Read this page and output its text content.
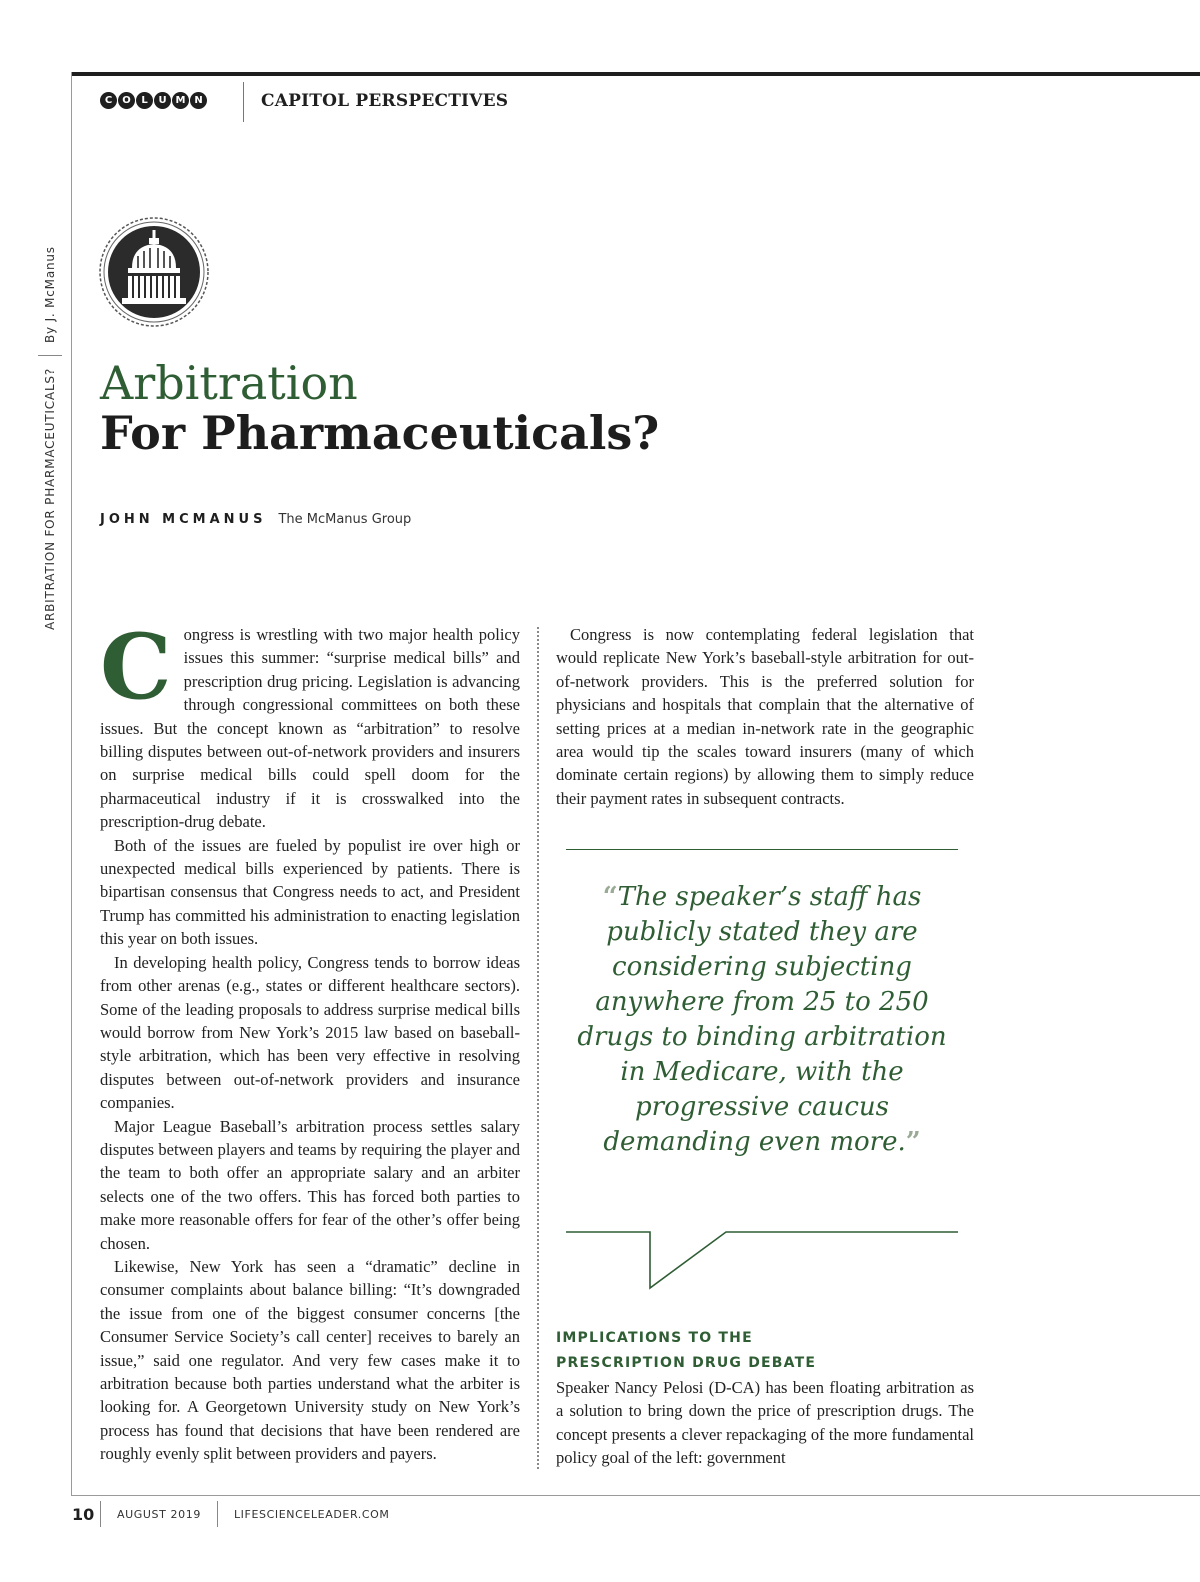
C	O	L	U M N	CAPITOL PERSPECTIVES
ARBITRATION FOR PHARMACEUTICALS?
By J. McManus
Arbitration
For Pharmaceuticals?
JOHN MCMANUS The McManus Group

Congress is wrestling with two major health policy issues this summer: “surprise medical bills” and prescription drug pricing. Legislation is advancing through congressional committees on both these issues. But the concept known as “arbitration” to resolve billing disputes between out-of-network providers and insurers on surprise medical bills could spell doom for the pharmaceutical industry if it is crosswalked into the prescription-drug debate.

Both of the issues are fueled by populist ire over high or unexpected medical bills experienced by patients. There is bipartisan consensus that Congress needs to act, and President Trump has committed his administration to enacting legislation this year on both issues.

In developing health policy, Congress tends to borrow ideas from other arenas (e.g., states or different healthcare sectors). Some of the leading proposals to address surprise medical bills would borrow from New York’s 2015 law based on baseball-style arbitration, which has been very effective in resolving disputes between out-of-network providers and insurance companies.

Major League Baseball’s arbitration process settles salary disputes between players and teams by requiring the player and the team to both offer an appropriate salary and an arbiter selects one of the two offers. This has forced both parties to make more reasonable offers for fear of the other’s offer being chosen.

Likewise, New York has seen a “dramatic” decline in consumer complaints about balance billing: “It’s downgraded the issue from one of the biggest consumer concerns [the Consumer Service Society’s call center] receives to barely an issue,” said one regulator. And very few cases make it to arbitration because both parties understand what the arbiter is looking for. A Georgetown University study on New York’s process has found that decisions that have been rendered are roughly evenly split between providers and payers.

Congress is now contemplating federal legislation that would replicate New York’s baseball-style arbitration for out-of-network providers. This is the preferred solution for physicians and hospitals that complain that the alternative of setting prices at a median in-network rate in the geographic area would tip the scales toward insurers (many of which dominate certain regions) by allowing them to simply reduce their payment rates in subsequent contracts.

“The speaker’s staff has publicly stated they are considering subjecting anywhere from 25 to 250 drugs to binding arbitration in Medicare, with the progressive caucus demanding even more.”
IMPLICATIONS TO THE
PRESCRIPTION DRUG DEBATE

Speaker Nancy Pelosi (D-CA) has been floating arbitration as a solution to bring down the price of prescription drugs. The concept presents a clever repackaging of the more fundamental policy goal of the left: government

10	AUGUST 2019	LIFESCIENCELEADER.COM
